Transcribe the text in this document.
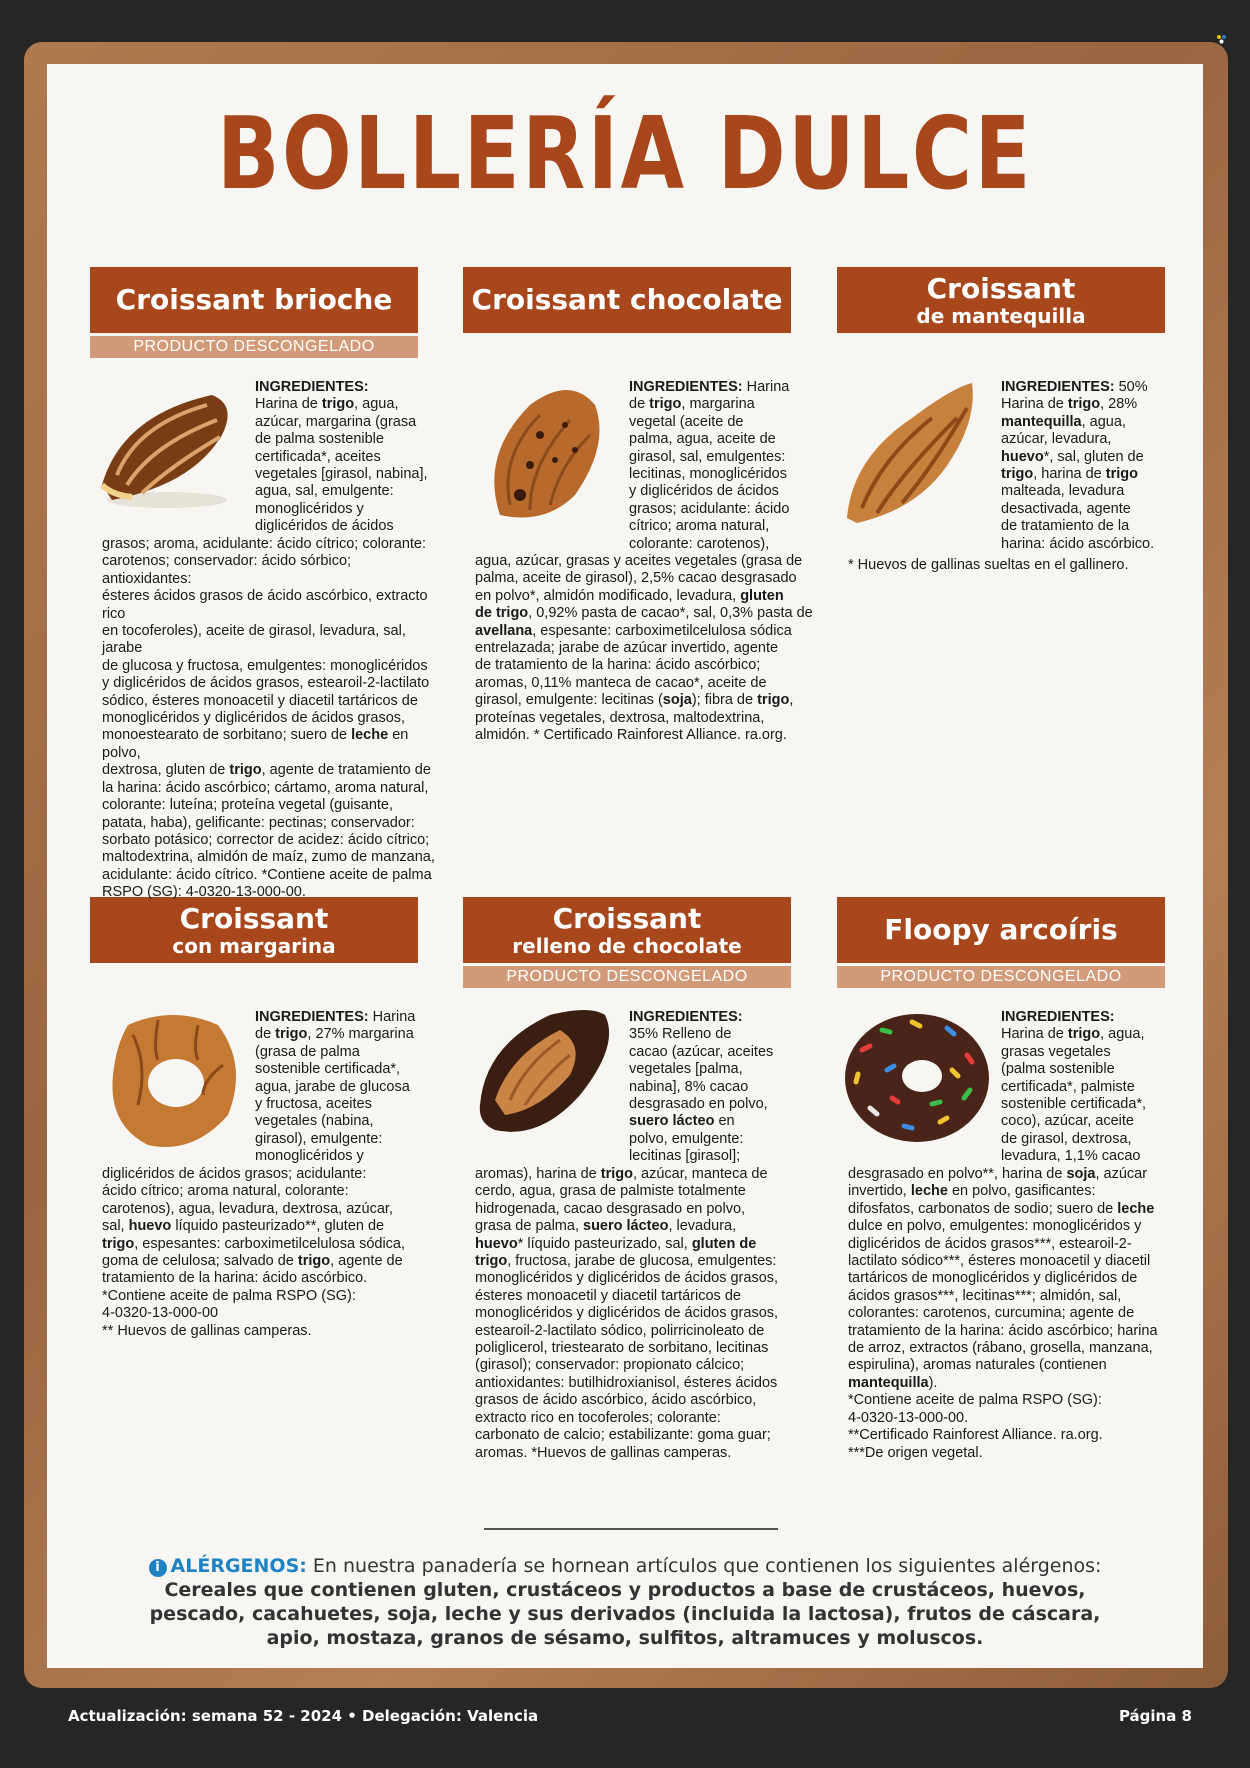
BOLLERÍA DULCE
Croissant brioche
PRODUCTO DESCONGELADO
Croissant chocolate	Croissant
de mantequilla
Croissant
con margarina
Croissant
relleno de chocolate
PRODUCTO DESCONGELADO
Floopy arcoíris
PRODUCTO DESCONGELADO
INGREDIENTES:
Harina de trigo, agua,
azúcar, margarina (grasa
de palma sostenible
certificada*, aceites
vegetales [girasol, nabina],
agua, sal, emulgente:
monoglicéridos y
diglicéridos de ácidos
grasos; aroma, acidulante: ácido cítrico; colorante:
carotenos; conservador: ácido sórbico; antioxidantes:
ésteres ácidos grasos de ácido ascórbico, extracto rico
en tocoferoles), aceite de girasol, levadura, sal, jarabe
de glucosa y fructosa, emulgentes: monoglicéridos
y diglicéridos de ácidos grasos, estearoil-2-lactilato
sódico, ésteres monoacetil y diacetil tartáricos de
monoglicéridos y diglicéridos de ácidos grasos,
monoestearato de sorbitano; suero de leche en polvo,
dextrosa, gluten de trigo, agente de tratamiento de
la harina: ácido ascórbico; cártamo, aroma natural,
colorante: luteína; proteína vegetal (guisante,
patata, haba), gelificante: pectinas; conservador:
sorbato potásico; corrector de acidez: ácido cítrico;
maltodextrina, almidón de maíz, zumo de manzana,
acidulante: ácido cítrico. *Contiene aceite de palma
RSPO (SG): 4-0320-13-000-00.
INGREDIENTES: Harina
de trigo, margarina
vegetal (aceite de
palma, agua, aceite de
girasol, sal, emulgentes:
lecitinas, monoglicéridos
y diglicéridos de ácidos
grasos; acidulante: ácido
cítrico; aroma natural,
colorante: carotenos),
agua, azúcar, grasas y aceites vegetales (grasa de
palma, aceite de girasol), 2,5% cacao desgrasado
en polvo*, almidón modificado, levadura, gluten
de trigo, 0,92% pasta de cacao*, sal, 0,3% pasta de
avellana, espesante: carboximetilcelulosa sódica
entrelazada; jarabe de azúcar invertido, agente
de tratamiento de la harina: ácido ascórbico;
aromas, 0,11% manteca de cacao*, aceite de
girasol, emulgente: lecitinas (soja); fibra de trigo,
proteínas vegetales, dextrosa, maltodextrina,
almidón. * Certificado Rainforest Alliance. ra.org.
INGREDIENTES: 50%
Harina de trigo, 28%
mantequilla, agua,
azúcar, levadura,
huevo*, sal, gluten de
trigo, harina de trigo
malteada, levadura
desactivada, agente
de tratamiento de la
harina: ácido ascórbico.
* Huevos de gallinas sueltas en el gallinero.
INGREDIENTES: Harina
de trigo, 27% margarina
(grasa de palma
sostenible certificada*,
agua, jarabe de glucosa
y fructosa, aceites
vegetales (nabina,
girasol), emulgente:
monoglicéridos y
diglicéridos de ácidos grasos; acidulante:
ácido cítrico; aroma natural, colorante:
carotenos), agua, levadura, dextrosa, azúcar,
sal, huevo líquido pasteurizado**, gluten de
trigo, espesantes: carboximetilcelulosa sódica,
goma de celulosa; salvado de trigo, agente de
tratamiento de la harina: ácido ascórbico.
*Contiene aceite de palma RSPO (SG):
4-0320-13-000-00
** Huevos de gallinas camperas.
INGREDIENTES:
35% Relleno de
cacao (azúcar, aceites
vegetales [palma,
nabina], 8% cacao
desgrasado en polvo,
suero lácteo en
polvo, emulgente:
lecitinas [girasol];
aromas), harina de trigo, azúcar, manteca de
cerdo, agua, grasa de palmiste totalmente
hidrogenada, cacao desgrasado en polvo,
grasa de palma, suero lácteo, levadura,
huevo* líquido pasteurizado, sal, gluten de
trigo, fructosa, jarabe de glucosa, emulgentes:
monoglicéridos y diglicéridos de ácidos grasos,
ésteres monoacetil y diacetil tartáricos de
monoglicéridos y diglicéridos de ácidos grasos,
estearoil-2-lactilato sódico, polirricinoleato de
poliglicerol, triestearato de sorbitano, lecitinas
(girasol); conservador: propionato cálcico;
antioxidantes: butilhidroxianisol, ésteres ácidos
grasos de ácido ascórbico, ácido ascórbico,
extracto rico en tocoferoles; colorante:
carbonato de calcio; estabilizante: goma guar;
aromas. *Huevos de gallinas camperas.
INGREDIENTES:
Harina de trigo, agua,
grasas vegetales
(palma sostenible
certificada*, palmiste
sostenible certificada*,
coco), azúcar, aceite
de girasol, dextrosa,
levadura, 1,1% cacao
desgrasado en polvo**, harina de soja, azúcar
invertido, leche en polvo, gasificantes:
difosfatos, carbonatos de sodio; suero de leche
dulce en polvo, emulgentes: monoglicéridos y
diglicéridos de ácidos grasos***, estearoil-2-
lactilato sódico***, ésteres monoacetil y diacetil
tartáricos de monoglicéridos y diglicéridos de
ácidos grasos***, lecitinas***; almidón, sal,
colorantes: carotenos, curcumina; agente de
tratamiento de la harina: ácido ascórbico; harina
de arroz, extractos (rábano, grosella, manzana,
espirulina), aromas naturales (contienen
mantequilla).
*Contiene aceite de palma RSPO (SG):
4-0320-13-000-00.
**Certificado Rainforest Alliance. ra.org.
***De origen vegetal.
i ALÉRGENOS: En nuestra panadería se hornean artículos que contienen los siguientes alérgenos: Cereales que contienen gluten, crustáceos y productos a base de crustáceos, huevos, pescado, cacahuetes, soja, leche y sus derivados (incluida la lactosa), frutos de cáscara, apio, mostaza, granos de sésamo, sulfitos, altramuces y moluscos.
Actualización: semana 52 - 2024 • Delegación: Valencia	Página 8
